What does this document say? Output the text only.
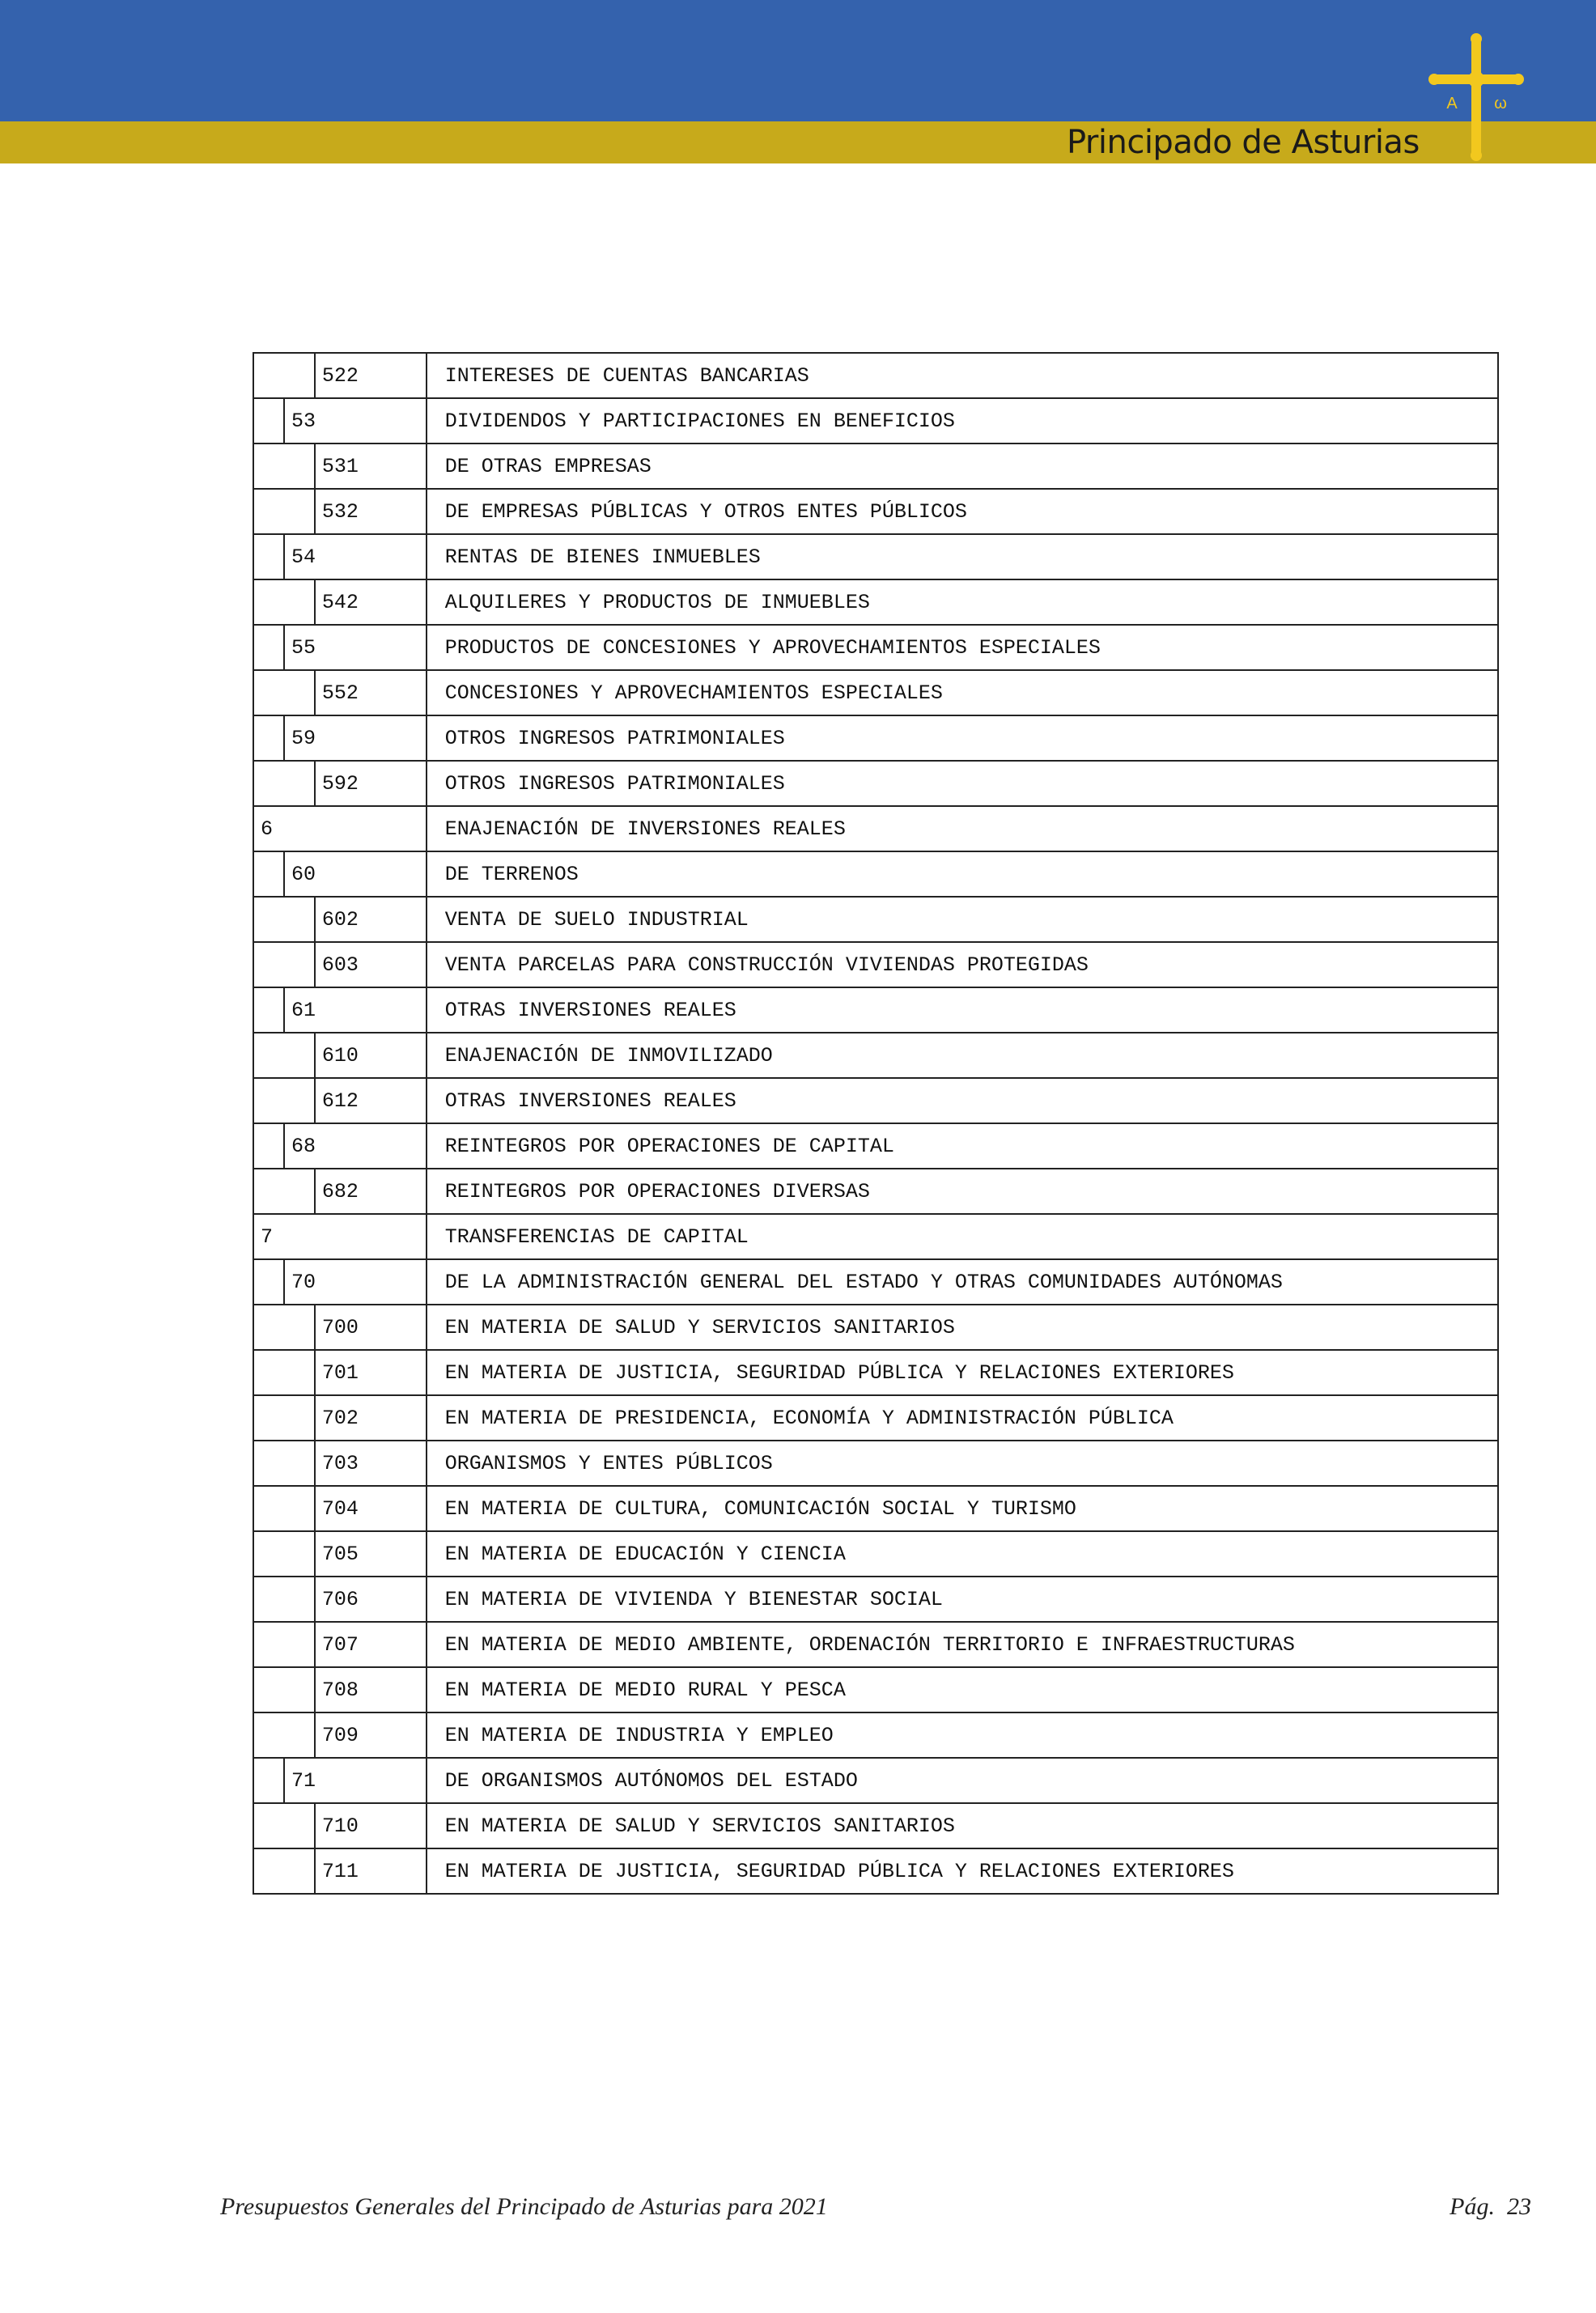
Principado de Asturias
A ω
		522	INTERESES DE CUENTAS BANCARIAS
	53		DIVIDENDOS Y PARTICIPACIONES EN BENEFICIOS
		531	DE OTRAS EMPRESAS
		532	DE EMPRESAS PÚBLICAS Y OTROS ENTES PÚBLICOS
	54		RENTAS DE BIENES INMUEBLES
		542	ALQUILERES Y PRODUCTOS DE INMUEBLES
	55		PRODUCTOS DE CONCESIONES Y APROVECHAMIENTOS ESPECIALES
		552	CONCESIONES Y APROVECHAMIENTOS ESPECIALES
	59		OTROS INGRESOS PATRIMONIALES
		592	OTROS INGRESOS PATRIMONIALES
6			ENAJENACIÓN DE INVERSIONES REALES
	60		DE TERRENOS
		602	VENTA DE SUELO INDUSTRIAL
		603	VENTA PARCELAS PARA CONSTRUCCIÓN VIVIENDAS PROTEGIDAS
	61		OTRAS INVERSIONES REALES
		610	ENAJENACIÓN DE INMOVILIZADO
		612	OTRAS INVERSIONES REALES
	68		REINTEGROS POR OPERACIONES DE CAPITAL
		682	REINTEGROS POR OPERACIONES DIVERSAS
7			TRANSFERENCIAS DE CAPITAL
	70		DE LA ADMINISTRACIÓN GENERAL DEL ESTADO Y OTRAS COMUNIDADES AUTÓNOMAS
		700	EN MATERIA DE SALUD Y SERVICIOS SANITARIOS
		701	EN MATERIA DE JUSTICIA, SEGURIDAD PÚBLICA Y RELACIONES EXTERIORES
		702	EN MATERIA DE PRESIDENCIA, ECONOMÍA Y ADMINISTRACIÓN PÚBLICA
		703	ORGANISMOS Y ENTES PÚBLICOS
		704	EN MATERIA DE CULTURA, COMUNICACIÓN SOCIAL Y TURISMO
		705	EN MATERIA DE EDUCACIÓN Y CIENCIA
		706	EN MATERIA DE VIVIENDA Y BIENESTAR SOCIAL
		707	EN MATERIA DE MEDIO AMBIENTE, ORDENACIÓN TERRITORIO E INFRAESTRUCTURAS
		708	EN MATERIA DE MEDIO RURAL Y PESCA
		709	EN MATERIA DE INDUSTRIA Y EMPLEO
	71		DE ORGANISMOS AUTÓNOMOS DEL ESTADO
		710	EN MATERIA DE SALUD Y SERVICIOS SANITARIOS
		711	EN MATERIA DE JUSTICIA, SEGURIDAD PÚBLICA Y RELACIONES EXTERIORES
Presupuestos Generales del Principado de Asturias para 2021	Pág. 23
